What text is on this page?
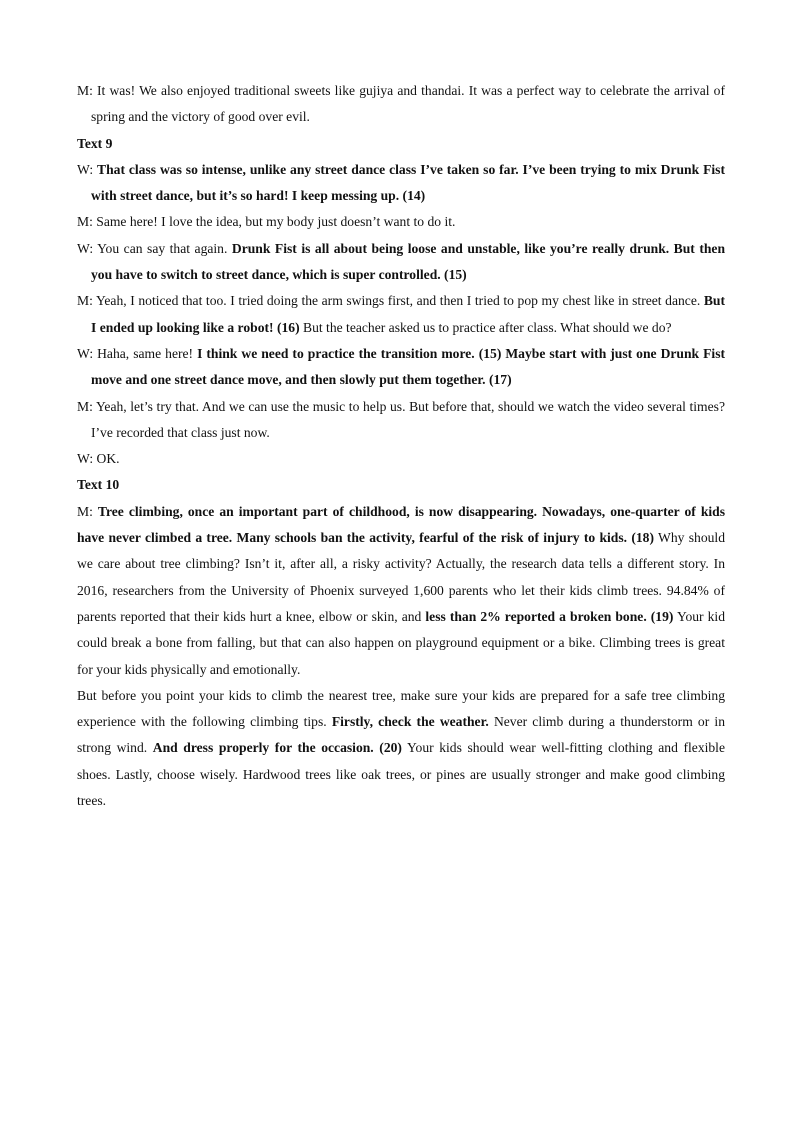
M: It was! We also enjoyed traditional sweets like gujiya and thandai. It was a perfect way to celebrate the arrival of spring and the victory of good over evil.

Text 9

W: That class was so intense, unlike any street dance class I’ve taken so far. I’ve been trying to mix Drunk Fist with street dance, but it’s so hard! I keep messing up. (14)

M: Same here! I love the idea, but my body just doesn’t want to do it.

W: You can say that again. Drunk Fist is all about being loose and unstable, like you’re really drunk. But then you have to switch to street dance, which is super controlled. (15)

M: Yeah, I noticed that too. I tried doing the arm swings first, and then I tried to pop my chest like in street dance. But I ended up looking like a robot! (16) But the teacher asked us to practice after class. What should we do?

W: Haha, same here! I think we need to practice the transition more. (15) Maybe start with just one Drunk Fist move and one street dance move, and then slowly put them together. (17)

M: Yeah, let’s try that. And we can use the music to help us. But before that, should we watch the video several times? I’ve recorded that class just now.

W: OK.

Text 10

M: Tree climbing, once an important part of childhood, is now disappearing. Nowadays, one-quarter of kids have never climbed a tree. Many schools ban the activity, fearful of the risk of injury to kids. (18) Why should we care about tree climbing? Isn’t it, after all, a risky activity? Actually, the research data tells a different story. In 2016, researchers from the University of Phoenix surveyed 1,600 parents who let their kids climb trees. 94.84% of parents reported that their kids hurt a knee, elbow or skin, and less than 2% reported a broken bone. (19) Your kid could break a bone from falling, but that can also happen on playground equipment or a bike. Climbing trees is great for your kids physically and emotionally.

But before you point your kids to climb the nearest tree, make sure your kids are prepared for a safe tree climbing experience with the following climbing tips. Firstly, check the weather. Never climb during a thunderstorm or in strong wind. And dress properly for the occasion. (20) Your kids should wear well-fitting clothing and flexible shoes. Lastly, choose wisely. Hardwood trees like oak trees, or pines are usually stronger and make good climbing trees.
